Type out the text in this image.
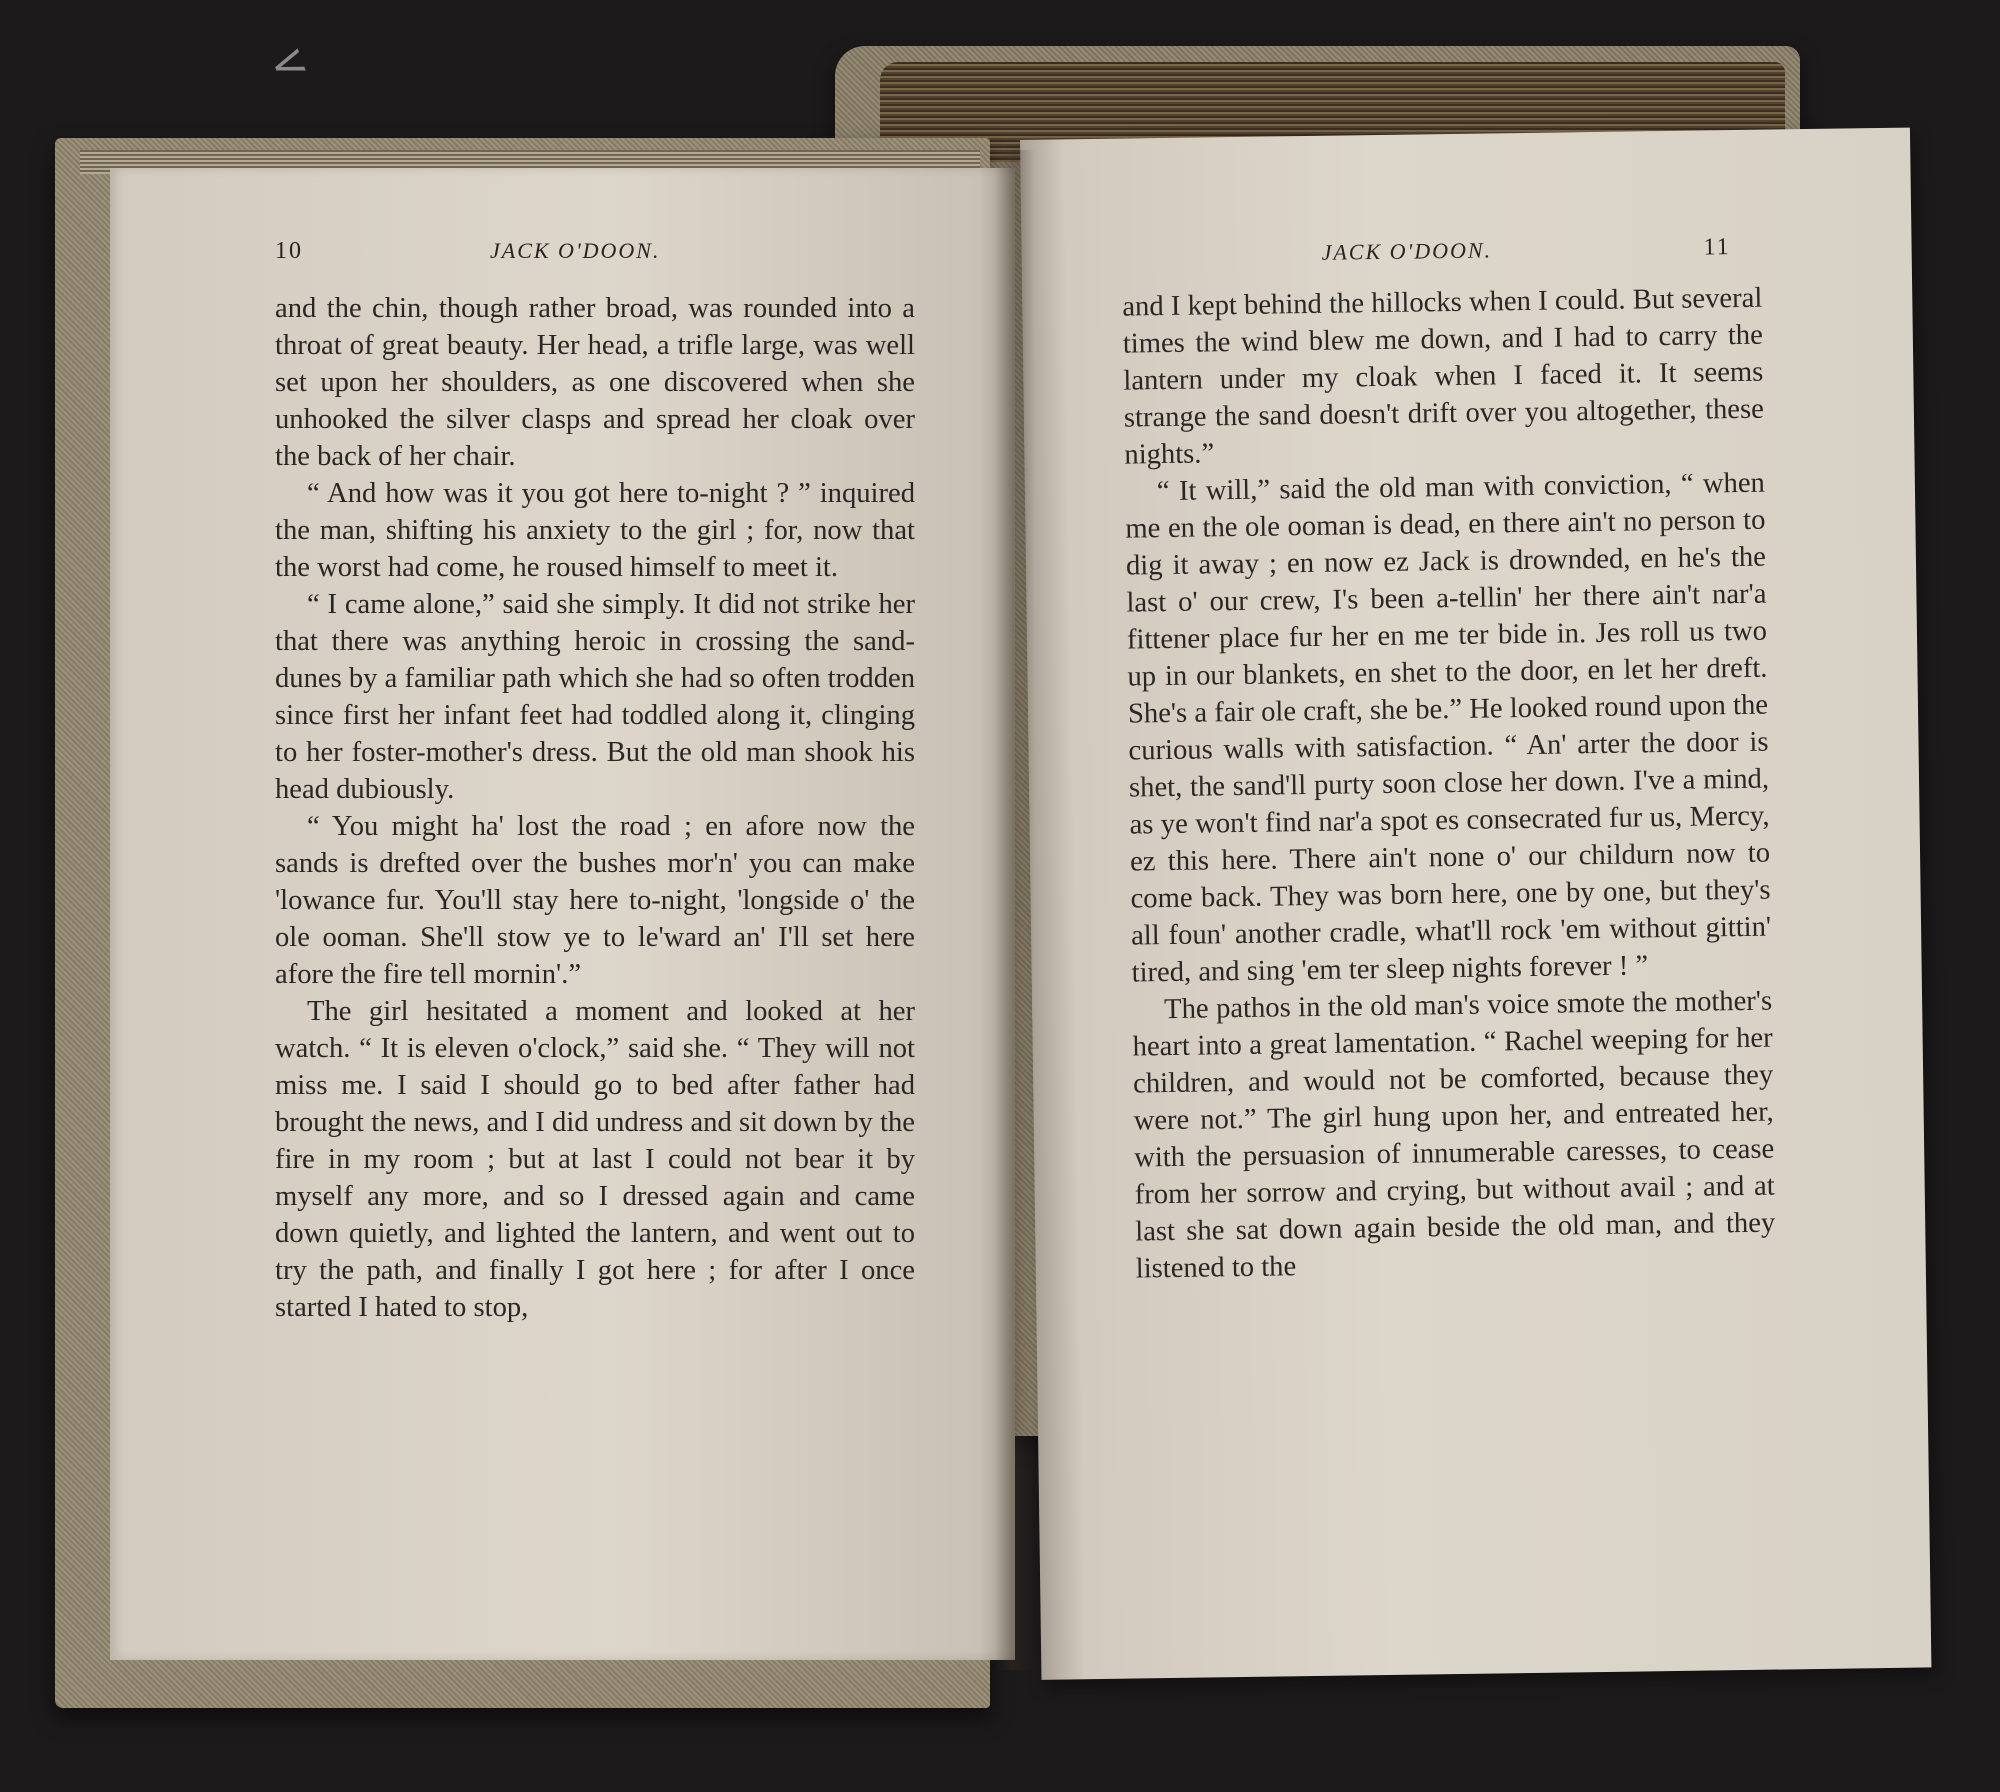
<
10	JACK O'DOON.

and the chin, though rather broad, was rounded into a throat of great beauty. Her head, a trifle large, was well set upon her shoulders, as one discovered when she unhooked the silver clasps and spread her cloak over the back of her chair.

“ And how was it you got here to-night ? ” inquired the man, shifting his anxiety to the girl ; for, now that the worst had come, he roused himself to meet it.

“ I came alone,” said she simply. It did not strike her that there was anything heroic in crossing the sand-dunes by a familiar path which she had so often trodden since first her infant feet had toddled along it, clinging to her foster-mother's dress. But the old man shook his head dubiously.

“ You might ha' lost the road ; en afore now the sands is drefted over the bushes mor'n' you can make 'lowance fur. You'll stay here to-night, 'longside o' the ole ooman. She'll stow ye to le'ward an' I'll set here afore the fire tell mornin'.”

The girl hesitated a moment and looked at her watch. “ It is eleven o'clock,” said she. “ They will not miss me. I said I should go to bed after father had brought the news, and I did undress and sit down by the fire in my room ; but at last I could not bear it by myself any more, and so I dressed again and came down quietly, and lighted the lantern, and went out to try the path, and finally I got here ; for after I once started I hated to stop,

JACK O'DOON.	11

and I kept behind the hillocks when I could. But several times the wind blew me down, and I had to carry the lantern under my cloak when I faced it. It seems strange the sand doesn't drift over you altogether, these nights.”

“ It will,” said the old man with conviction, “ when me en the ole ooman is dead, en there ain't no person to dig it away ; en now ez Jack is drownded, en he's the last o' our crew, I's been a-tellin' her there ain't nar'a fittener place fur her en me ter bide in. Jes roll us two up in our blankets, en shet to the door, en let her dreft. She's a fair ole craft, she be.” He looked round upon the curious walls with satisfaction. “ An' arter the door is shet, the sand'll purty soon close her down. I've a mind, as ye won't find nar'a spot es consecrated fur us, Mercy, ez this here. There ain't none o' our childurn now to come back. They was born here, one by one, but they's all foun' another cradle, what'll rock 'em without gittin' tired, and sing 'em ter sleep nights forever ! ”

The pathos in the old man's voice smote the mother's heart into a great lamentation. “ Rachel weeping for her children, and would not be comforted, because they were not.” The girl hung upon her, and entreated her, with the persuasion of innumerable caresses, to cease from her sorrow and crying, but without avail ; and at last she sat down again beside the old man, and they listened to the
